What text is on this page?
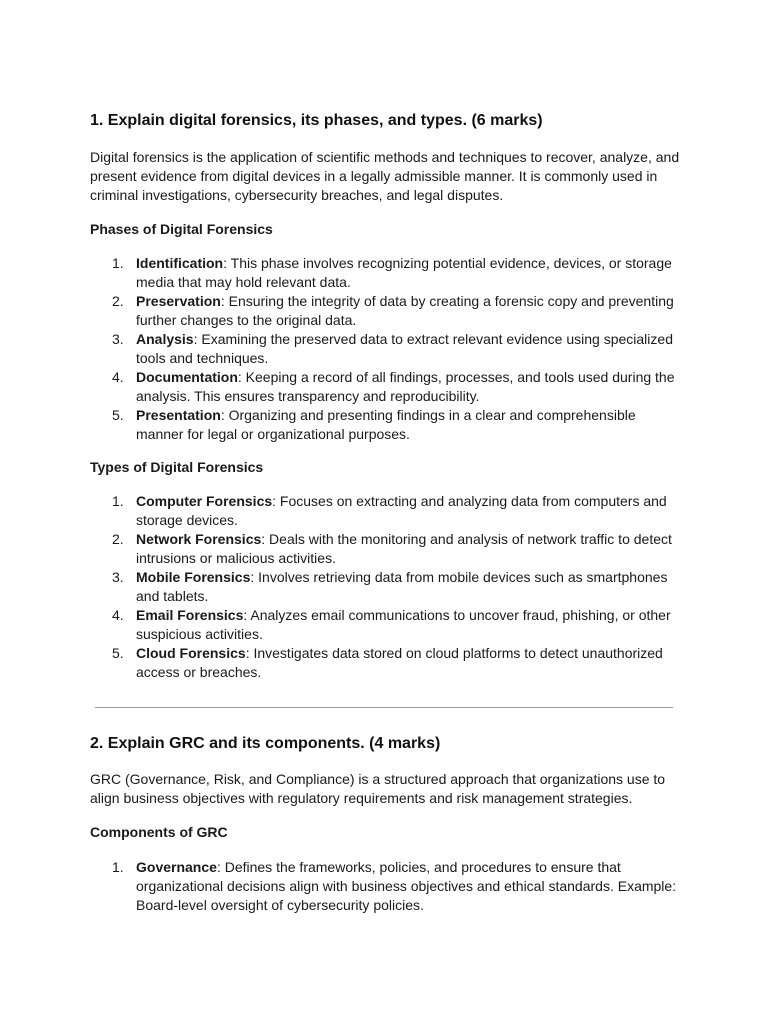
1. Explain digital forensics, its phases, and types. (6 marks)

Digital forensics is the application of scientific methods and techniques to recover, analyze, and present evidence from digital devices in a legally admissible manner. It is commonly used in criminal investigations, cybersecurity breaches, and legal disputes.

Phases of Digital Forensics

1. Identification: This phase involves recognizing potential evidence, devices, or storage media that may hold relevant data.
2. Preservation: Ensuring the integrity of data by creating a forensic copy and preventing further changes to the original data.
3. Analysis: Examining the preserved data to extract relevant evidence using specialized tools and techniques.
4. Documentation: Keeping a record of all findings, processes, and tools used during the analysis. This ensures transparency and reproducibility.
5. Presentation: Organizing and presenting findings in a clear and comprehensible manner for legal or organizational purposes.

Types of Digital Forensics

1. Computer Forensics: Focuses on extracting and analyzing data from computers and storage devices.
2. Network Forensics: Deals with the monitoring and analysis of network traffic to detect intrusions or malicious activities.
3. Mobile Forensics: Involves retrieving data from mobile devices such as smartphones and tablets.
4. Email Forensics: Analyzes email communications to uncover fraud, phishing, or other suspicious activities.
5. Cloud Forensics: Investigates data stored on cloud platforms to detect unauthorized access or breaches.
2. Explain GRC and its components. (4 marks)

GRC (Governance, Risk, and Compliance) is a structured approach that organizations use to align business objectives with regulatory requirements and risk management strategies.

Components of GRC

1. Governance: Defines the frameworks, policies, and procedures to ensure that organizational decisions align with business objectives and ethical standards. Example: Board-level oversight of cybersecurity policies.
